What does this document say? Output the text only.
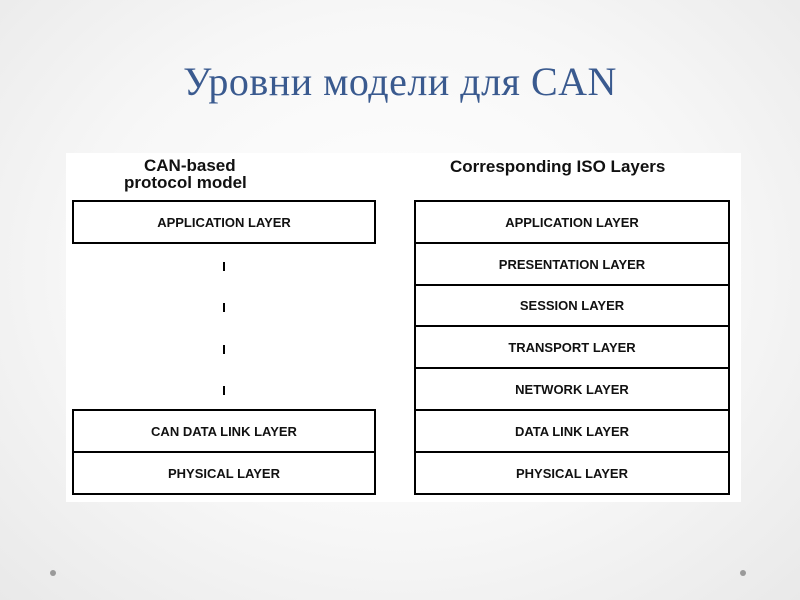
Уровни модели для CAN
CAN-based
protocol model
Corresponding ISO Layers
APPLICATION LAYER
CAN DATA LINK LAYER
PHYSICAL LAYER
APPLICATION LAYER
PRESENTATION LAYER
SESSION LAYER
TRANSPORT LAYER
NETWORK LAYER
DATA LINK LAYER
PHYSICAL LAYER
